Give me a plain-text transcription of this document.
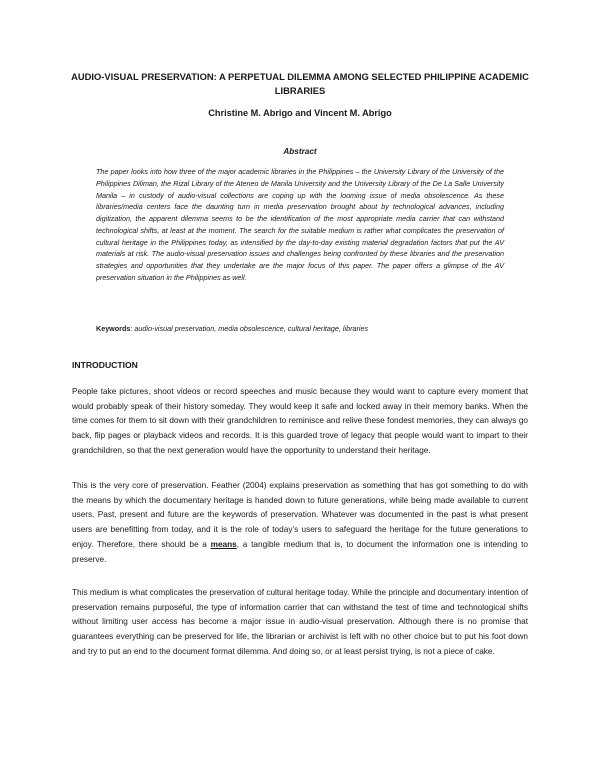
AUDIO-VISUAL PRESERVATION: A PERPETUAL DILEMMA AMONG SELECTED PHILIPPINE ACADEMIC LIBRARIES
Christine M. Abrigo and Vincent M. Abrigo
Abstract
The paper looks into how three of the major academic libraries in the Philippines – the University Library of the University of the Philippines Diliman, the Rizal Library of the Ateneo de Manila University and the University Library of the De La Salle University Manila – in custody of audio-visual collections are coping up with the looming issue of media obsolescence. As these libraries/media centers face the daunting turn in media preservation brought about by technological advances, including digitization, the apparent dilemma seems to be the identification of the most appropriate media carrier that can withstand technological shifts, at least at the moment. The search for the suitable medium is rather what complicates the preservation of cultural heritage in the Philippines today, as intensified by the day-to-day existing material degradation factors that put the AV materials at risk. The audio-visual preservation issues and challenges being confronted by these libraries and the preservation strategies and opportunities that they undertake are the major focus of this paper. The paper offers a glimpse of the AV preservation situation in the Philippines as well.
Keywords: audio-visual preservation, media obsolescence, cultural heritage, libraries
INTRODUCTION
People take pictures, shoot videos or record speeches and music because they would want to capture every moment that would probably speak of their history someday. They would keep it safe and locked away in their memory banks. When the time comes for them to sit down with their grandchildren to reminisce and relive these fondest memories, they can always go back, flip pages or playback videos and records. It is this guarded trove of legacy that people would want to impart to their grandchildren, so that the next generation would have the opportunity to understand their heritage.
This is the very core of preservation. Feather (2004) explains preservation as something that has got something to do with the means by which the documentary heritage is handed down to future generations, while being made available to current users. Past, present and future are the keywords of preservation. Whatever was documented in the past is what present users are benefitting from today, and it is the role of today’s users to safeguard the heritage for the future generations to enjoy. Therefore, there should be a means, a tangible medium that is, to document the information one is intending to preserve.
This medium is what complicates the preservation of cultural heritage today. While the principle and documentary intention of preservation remains purposeful, the type of information carrier that can withstand the test of time and technological shifts without limiting user access has become a major issue in audio-visual preservation. Although there is no promise that guarantees everything can be preserved for life, the librarian or archivist is left with no other choice but to put his foot down and try to put an end to the document format dilemma. And doing so, or at least persist trying, is not a piece of cake.
